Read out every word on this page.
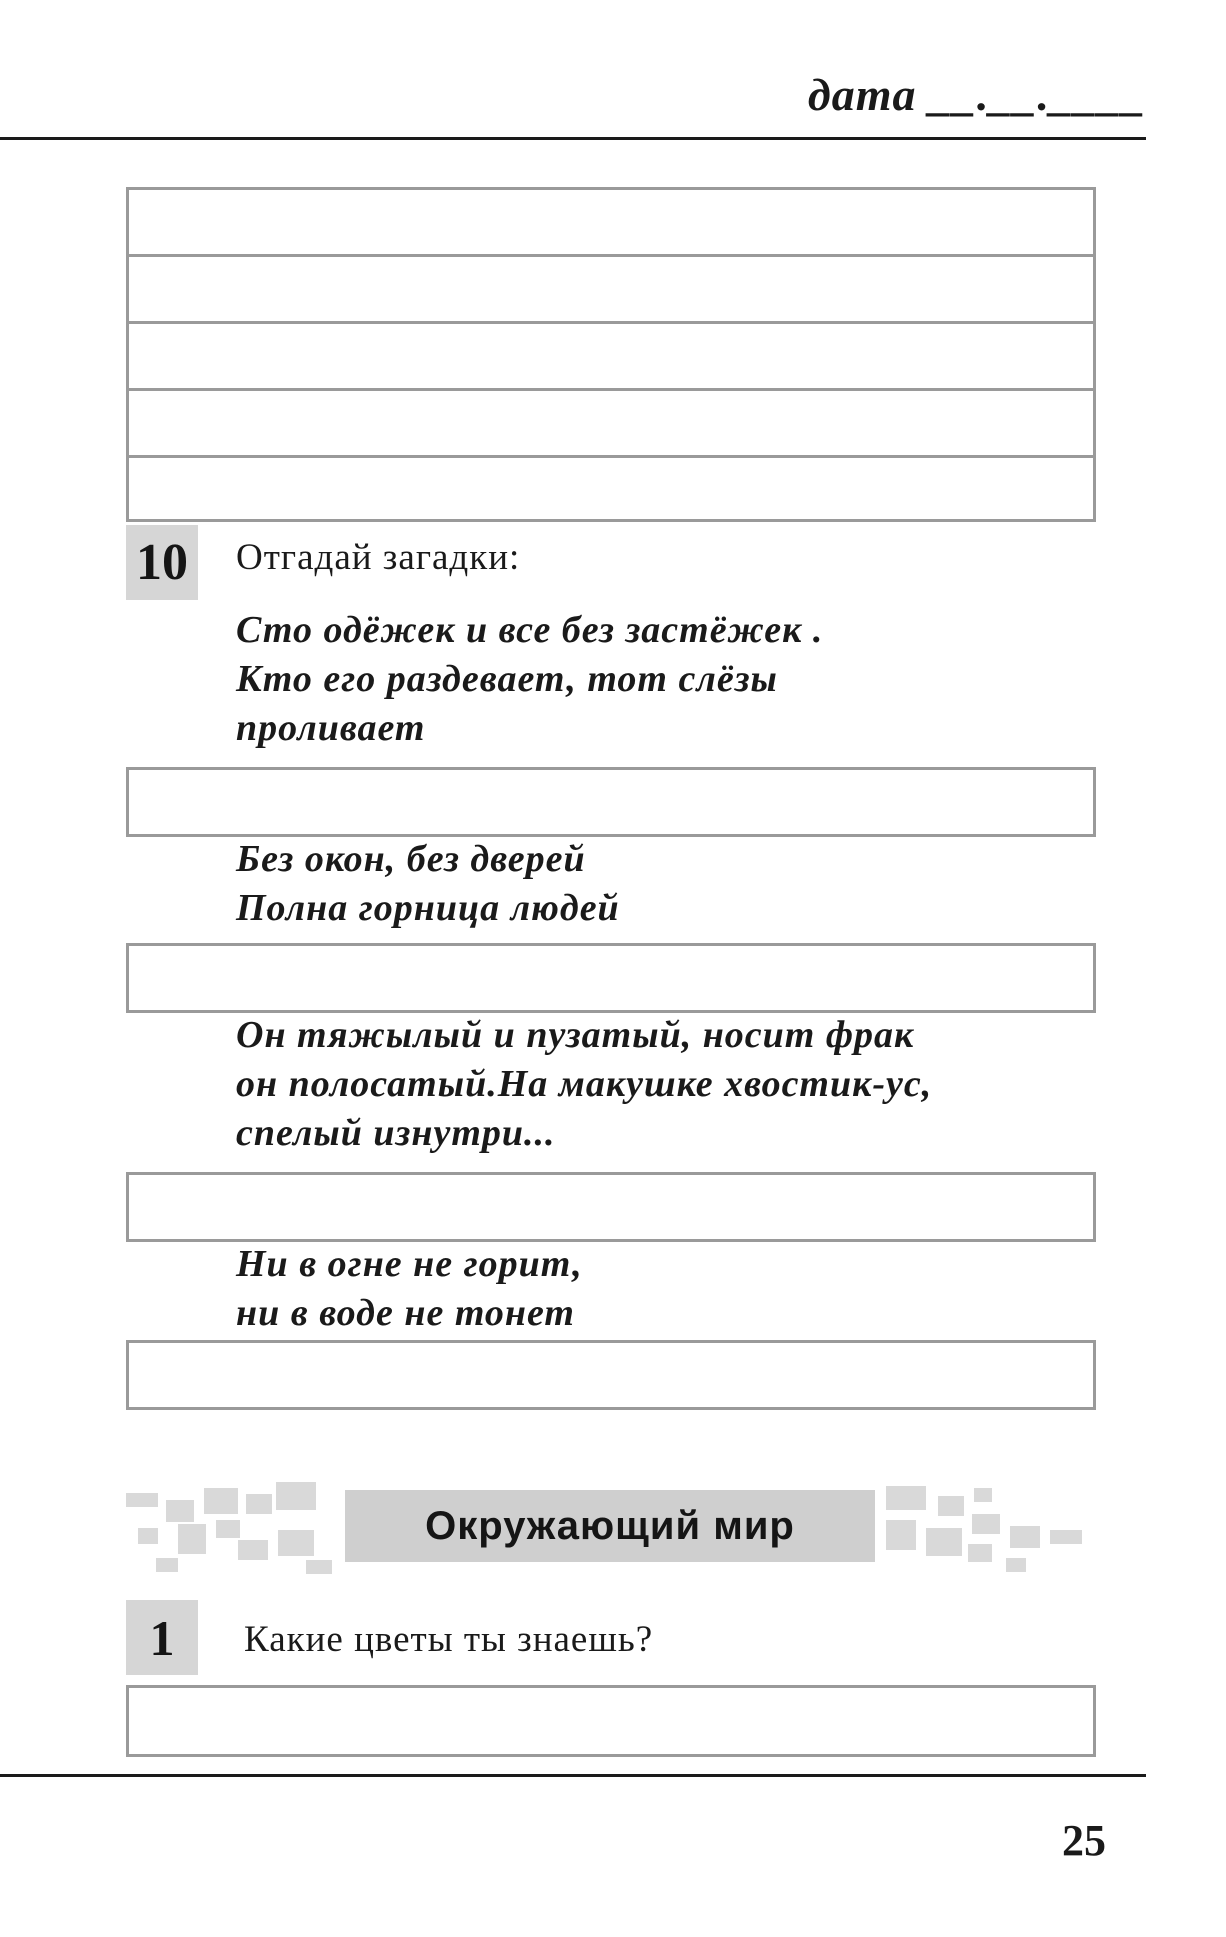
дата __.__.____
10 Отгадай загадки:
Сто одёжек и все без застёжек .
Кто его раздевает, тот слёзы
проливает
Без окон, без дверей
Полна горница людей
Он тяжылый и пузатый, носит фрак
он полосатый.На макушке хвостик-ус,
спелый изнутри...
Ни в огне не горит,
ни в воде не тонет
Окружающий мир
1	Какие цветы ты знаешь?
25
